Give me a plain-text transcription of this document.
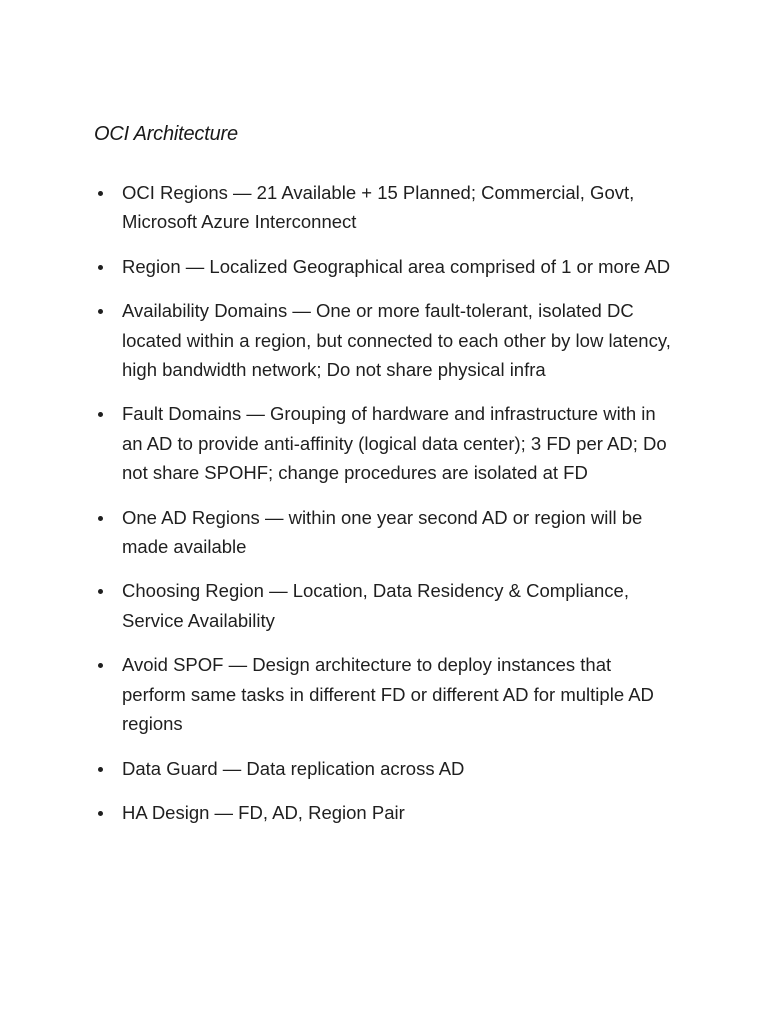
OCI Architecture
OCI Regions — 21 Available + 15 Planned; Commercial, Govt, Microsoft Azure Interconnect
Region — Localized Geographical area comprised of 1 or more AD
Availability Domains — One or more fault-tolerant, isolated DC located within a region, but connected to each other by low latency, high bandwidth network; Do not share physical infra
Fault Domains — Grouping of hardware and infrastructure with in an AD to provide anti-affinity (logical data center); 3 FD per AD; Do not share SPOHF; change procedures are isolated at FD
One AD Regions — within one year second AD or region will be made available
Choosing Region — Location, Data Residency & Compliance, Service Availability
Avoid SPOF — Design architecture to deploy instances that perform same tasks in different FD or different AD for multiple AD regions
Data Guard — Data replication across AD
HA Design — FD, AD, Region Pair
